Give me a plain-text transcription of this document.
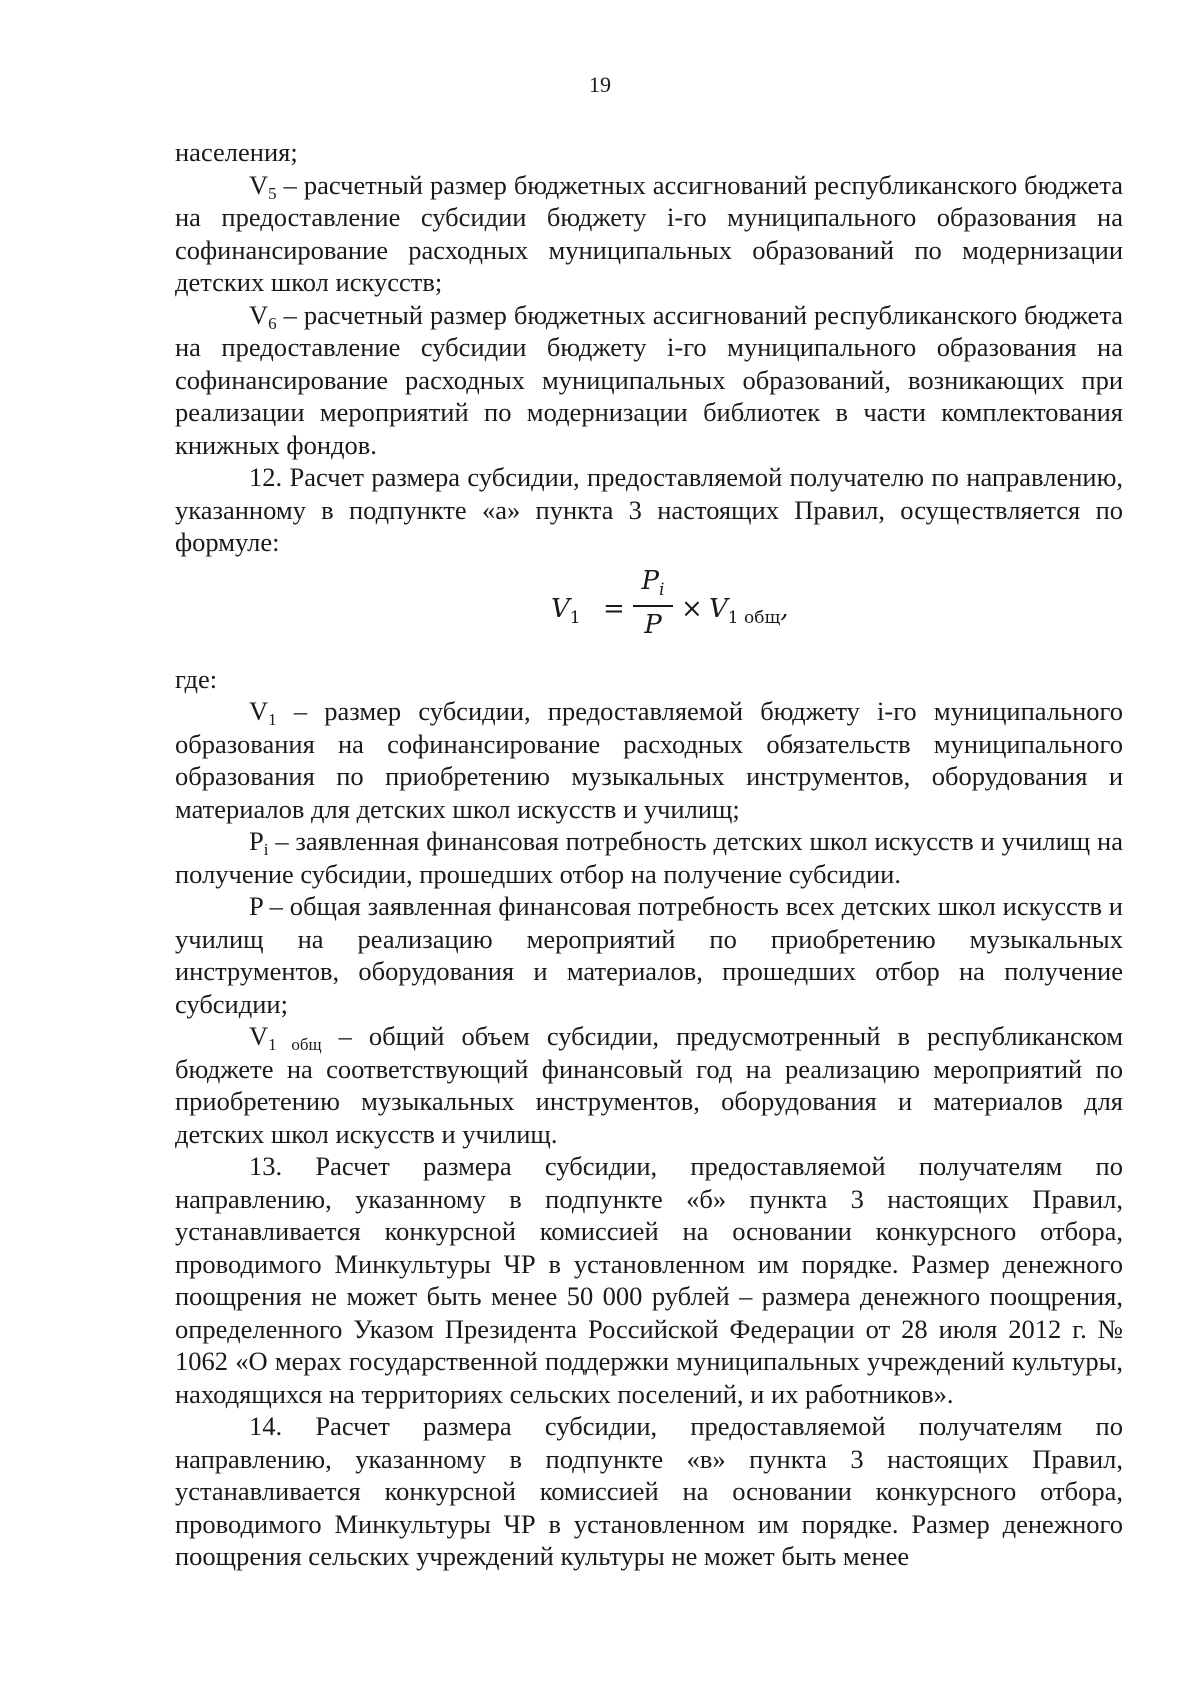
19

населения;

$V_5$ – расчетный размер бюджетных ассигнований республиканского бюджета на предоставление субсидии бюджету i-го муниципального образования на софинансирование расходных муниципальных образований по модернизации детских школ искусств;

$V_6$ – расчетный размер бюджетных ассигнований республиканского бюджета на предоставление субсидии бюджету i-го муниципального образования на софинансирование расходных муниципальных образований, возникающих при реализации мероприятий по модернизации библиотек в части комплектования книжных фондов.

12. Расчет размера субсидии, предоставляемой получателю по направлению, указанному в подпункте «а» пункта 3 настоящих Правил, осуществляется по формуле:

$V_1$ =
$P_i$
P
× $V_{1 общ}$,

где:

$V_1$ – размер субсидии, предоставляемой бюджету i-го муниципального образования на софинансирование расходных обязательств муниципального образования по приобретению музыкальных инструментов, оборудования и материалов для детских школ искусств и училищ;

$P_i$ – заявленная финансовая потребность детских школ искусств и училищ на получение субсидии, прошедших отбор на получение субсидии.

P – общая заявленная финансовая потребность всех детских школ искусств и училищ на реализацию мероприятий по приобретению музыкальных инструментов, оборудования и материалов, прошедших отбор на получение субсидии;

$V_{1 общ}$ – общий объем субсидии, предусмотренный в республиканском бюджете на соответствующий финансовый год на реализацию мероприятий по приобретению музыкальных инструментов, оборудования и материалов для детских школ искусств и училищ.

13. Расчет размера субсидии, предоставляемой получателям по направлению, указанному в подпункте «б» пункта 3 настоящих Правил, устанавливается конкурсной комиссией на основании конкурсного отбора, проводимого Минкультуры ЧР в установленном им порядке. Размер денежного поощрения не может быть менее 50 000 рублей – размера денежного поощрения, определенного Указом Президента Российской Федерации от 28 июля 2012 г. № 1062 «О мерах государственной поддержки муниципальных учреждений культуры, находящихся на территориях сельских поселений, и их работников».

14. Расчет размера субсидии, предоставляемой получателям по направлению, указанному в подпункте «в» пункта 3 настоящих Правил, устанавливается конкурсной комиссией на основании конкурсного отбора, проводимого Минкультуры ЧР в установленном им порядке. Размер денежного поощрения сельских учреждений культуры не может быть менее
